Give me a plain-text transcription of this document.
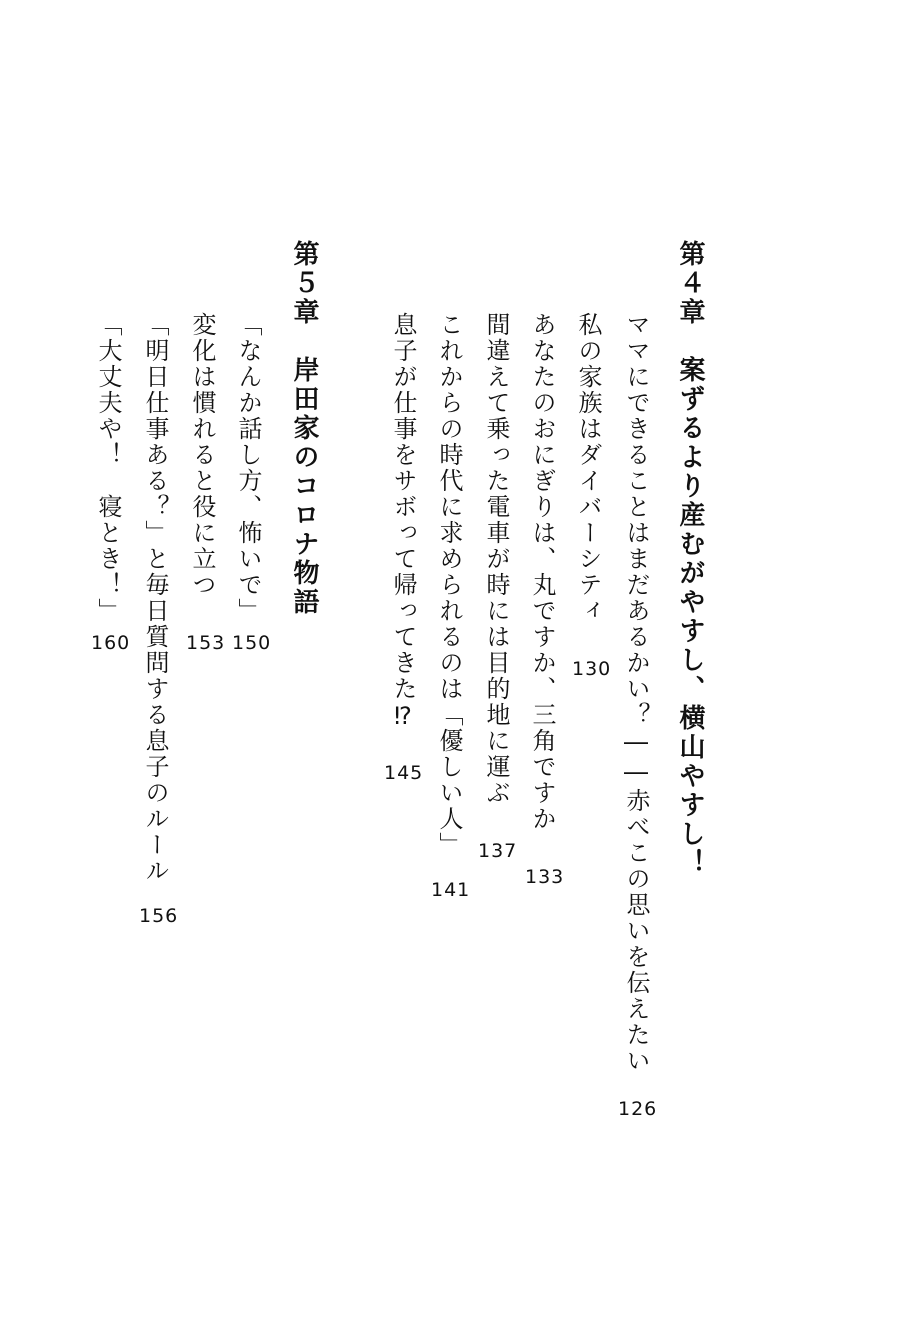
第４章　案ずるより産むがやすし、横山やすし！
ママにできることはまだあるかい？――赤べこの思いを伝えたい
126
私の家族はダイバーシティ
130
あなたのおにぎりは、丸ですか、三角ですか
133
間違えて乗った電車が時には目的地に運ぶ
137
これからの時代に求められるのは「優しい人」
141
息子が仕事をサボって帰ってきた⁉
145
第５章　岸田家のコロナ物語
「なんか話し方、怖いで」
150
変化は慣れると役に立つ
153
「明日仕事ある？」と毎日質問する息子のルール
156
「大丈夫や！　寝とき！」
160
